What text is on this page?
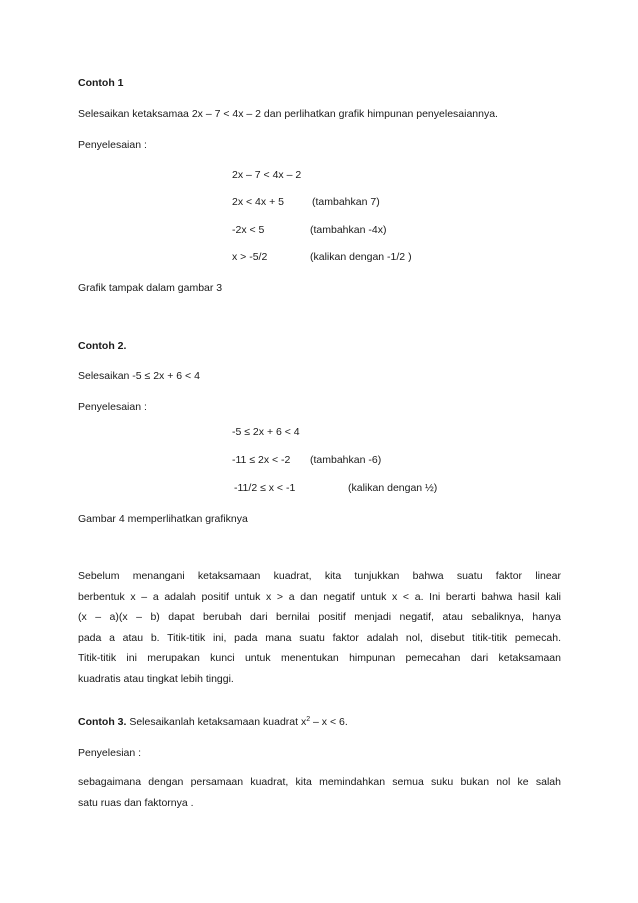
Contoh 1
Selesaikan ketaksamaa 2x – 7 < 4x – 2 dan perlihatkan grafik himpunan penyelesaiannya.
Penyelesaian :
2x – 7 < 4x – 2
2x < 4x + 5	(tambahkan 7)
-2x < 5	(tambahkan -4x)
x > -5/2	(kalikan dengan -1/2 )
Grafik tampak dalam gambar 3
Contoh 2.
Selesaikan -5 ≤ 2x + 6 < 4
Penyelesaian :
-5 ≤ 2x + 6 < 4
-11 ≤ 2x < -2 (tambahkan -6)
-11/2 ≤ x < -1	(kalikan dengan ½)
Gambar 4 memperlihatkan grafiknya
Sebelum menangani ketaksamaan kuadrat, kita tunjukkan bahwa suatu faktor linear
berbentuk x – a adalah positif untuk x > a dan negatif untuk x < a. Ini berarti bahwa hasil kali
(x – a)(x – b) dapat berubah dari bernilai positif menjadi negatif, atau sebaliknya, hanya
pada a atau b. Titik-titik ini, pada mana suatu faktor adalah nol, disebut titik-titik pemecah.
Titik-titik ini merupakan kunci untuk menentukan himpunan pemecahan dari ketaksamaan
kuadratis atau tingkat lebih tinggi.
Contoh 3. Selesaikanlah ketaksamaan kuadrat $x^2 - x < 6$.
Penyelesian :
sebagaimana dengan persamaan kuadrat, kita memindahkan semua suku bukan nol ke salah
satu ruas dan faktornya .
